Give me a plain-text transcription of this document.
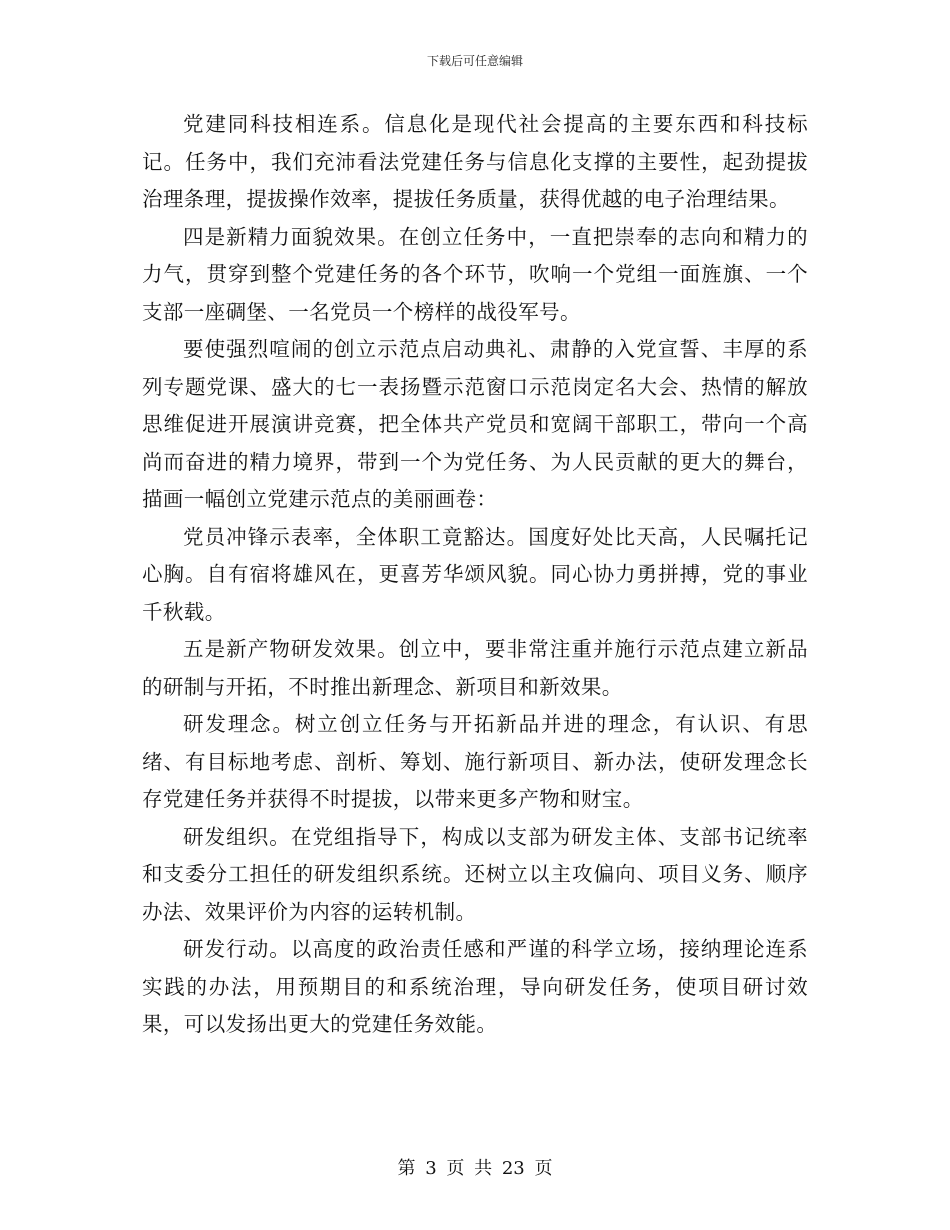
下载后可任意编辑

党建同科技相连系。信息化是现代社会提高的主要东西和科技标记。任务中，我们充沛看法党建任务与信息化支撑的主要性，起劲提拔治理条理，提拔操作效率，提拔任务质量，获得优越的电子治理结果。

四是新精力面貌效果。在创立任务中，一直把崇奉的志向和精力的力气，贯穿到整个党建任务的各个环节，吹响一个党组一面旌旗、一个支部一座碉堡、一名党员一个榜样的战役军号。

要使强烈喧闹的创立示范点启动典礼、肃静的入党宣誓、丰厚的系列专题党课、盛大的七一表扬暨示范窗口示范岗定名大会、热情的解放思维促进开展演讲竞赛，把全体共产党员和宽阔干部职工，带向一个高尚而奋进的精力境界，带到一个为党任务、为人民贡献的更大的舞台，描画一幅创立党建示范点的美丽画卷：

党员冲锋示表率，全体职工竟豁达。国度好处比天高，人民嘱托记心胸。自有宿将雄风在，更喜芳华颂风貌。同心协力勇拼搏，党的事业千秋载。

五是新产物研发效果。创立中，要非常注重并施行示范点建立新品的研制与开拓，不时推出新理念、新项目和新效果。

研发理念。树立创立任务与开拓新品并进的理念，有认识、有思绪、有目标地考虑、剖析、筹划、施行新项目、新办法，使研发理念长存党建任务并获得不时提拔，以带来更多产物和财宝。

研发组织。在党组指导下，构成以支部为研发主体、支部书记统率和支委分工担任的研发组织系统。还树立以主攻偏向、项目义务、顺序办法、效果评价为内容的运转机制。

研发行动。以高度的政治责任感和严谨的科学立场，接纳理论连系实践的办法，用预期目的和系统治理，导向研发任务，使项目研讨效果，可以发扬出更大的党建任务效能。

第 3 页 共 23 页
